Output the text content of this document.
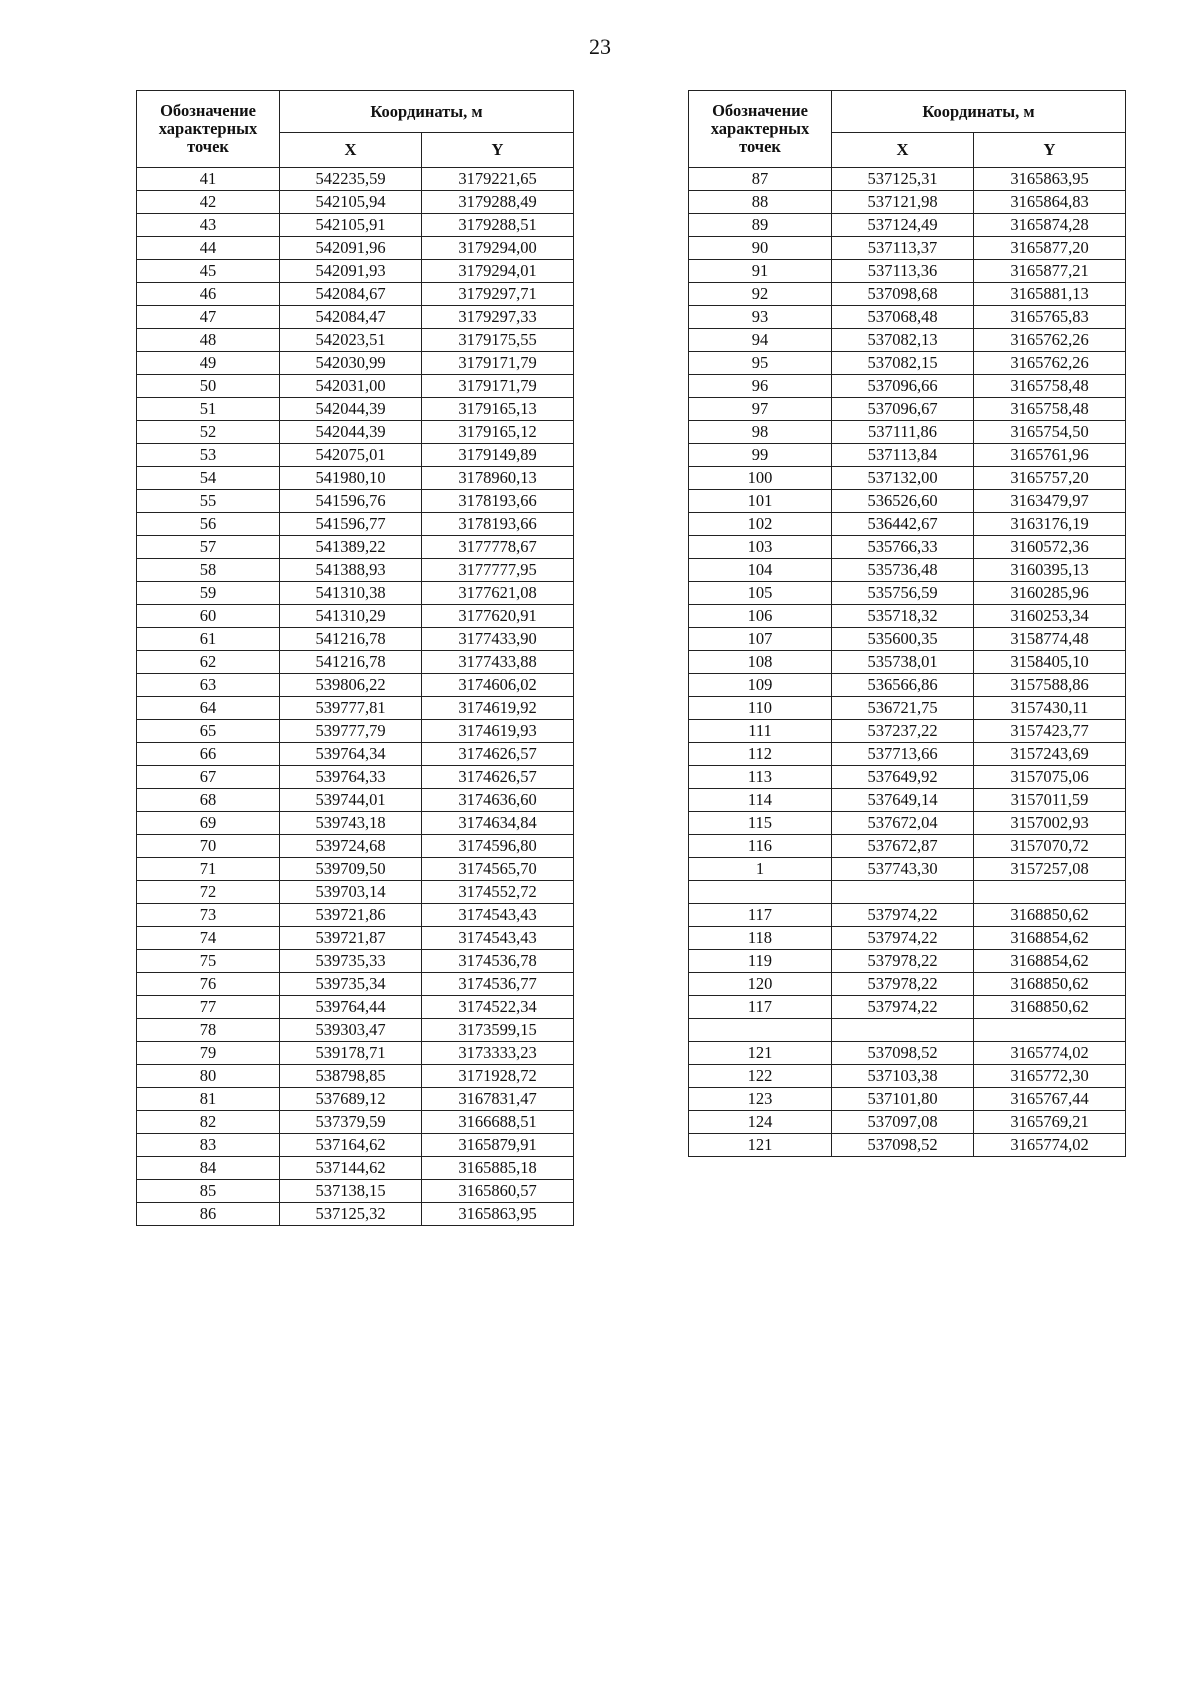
23
Обозначение характерных точек	Координаты, м	
	X	Y
41	542235,59	3179221,65
42	542105,94	3179288,49
43	542105,91	3179288,51
44	542091,96	3179294,00
45	542091,93	3179294,01
46	542084,67	3179297,71
47	542084,47	3179297,33
48	542023,51	3179175,55
49	542030,99	3179171,79
50	542031,00	3179171,79
51	542044,39	3179165,13
52	542044,39	3179165,12
53	542075,01	3179149,89
54	541980,10	3178960,13
55	541596,76	3178193,66
56	541596,77	3178193,66
57	541389,22	3177778,67
58	541388,93	3177777,95
59	541310,38	3177621,08
60	541310,29	3177620,91
61	541216,78	3177433,90
62	541216,78	3177433,88
63	539806,22	3174606,02
64	539777,81	3174619,92
65	539777,79	3174619,93
66	539764,34	3174626,57
67	539764,33	3174626,57
68	539744,01	3174636,60
69	539743,18	3174634,84
70	539724,68	3174596,80
71	539709,50	3174565,70
72	539703,14	3174552,72
73	539721,86	3174543,43
74	539721,87	3174543,43
75	539735,33	3174536,78
76	539735,34	3174536,77
77	539764,44	3174522,34
78	539303,47	3173599,15
79	539178,71	3173333,23
80	538798,85	3171928,72
81	537689,12	3167831,47
82	537379,59	3166688,51
83	537164,62	3165879,91
84	537144,62	3165885,18
85	537138,15	3165860,57
86	537125,32	3165863,95
Обозначение характерных точек	Координаты, м	
	X	Y
87	537125,31	3165863,95
88	537121,98	3165864,83
89	537124,49	3165874,28
90	537113,37	3165877,20
91	537113,36	3165877,21
92	537098,68	3165881,13
93	537068,48	3165765,83
94	537082,13	3165762,26
95	537082,15	3165762,26
96	537096,66	3165758,48
97	537096,67	3165758,48
98	537111,86	3165754,50
99	537113,84	3165761,96
100	537132,00	3165757,20
101	536526,60	3163479,97
102	536442,67	3163176,19
103	535766,33	3160572,36
104	535736,48	3160395,13
105	535756,59	3160285,96
106	535718,32	3160253,34
107	535600,35	3158774,48
108	535738,01	3158405,10
109	536566,86	3157588,86
110	536721,75	3157430,11
111	537237,22	3157423,77
112	537713,66	3157243,69
113	537649,92	3157075,06
114	537649,14	3157011,59
115	537672,04	3157002,93
116	537672,87	3157070,72
1	537743,30	3157257,08

117	537974,22	3168850,62
118	537974,22	3168854,62
119	537978,22	3168854,62
120	537978,22	3168850,62
117	537974,22	3168850,62

121	537098,52	3165774,02
122	537103,38	3165772,30
123	537101,80	3165767,44
124	537097,08	3165769,21
121	537098,52	3165774,02
